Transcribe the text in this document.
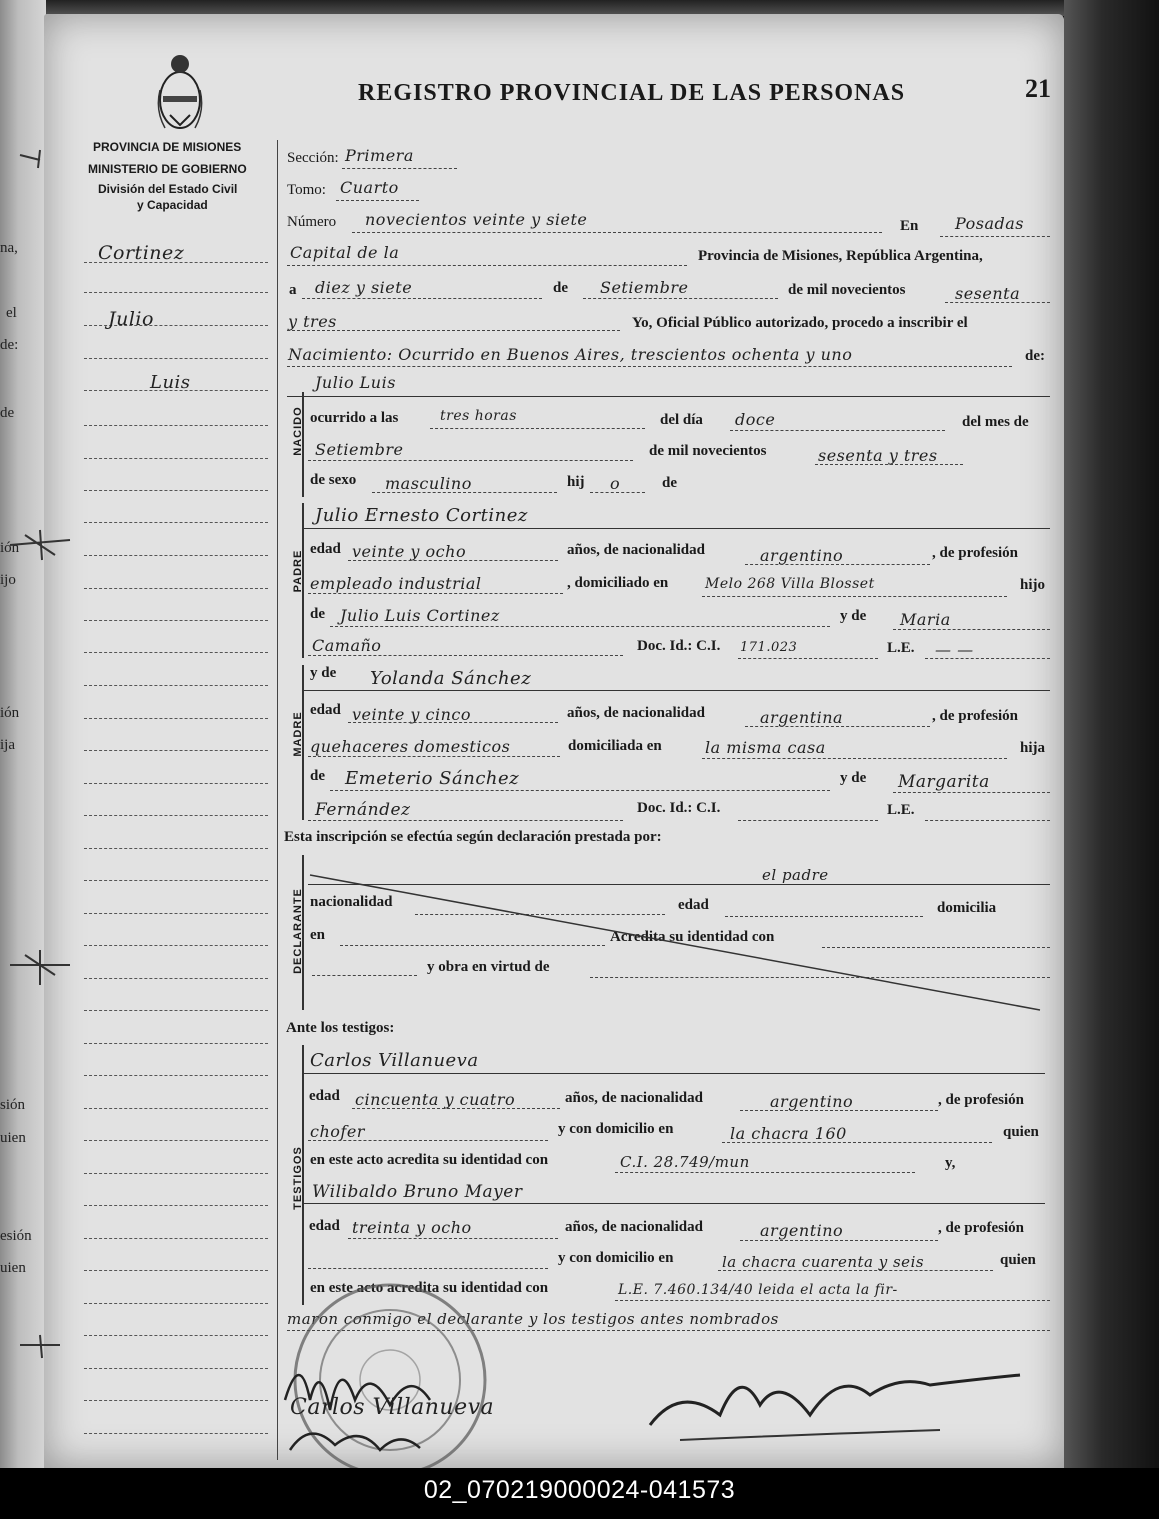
na,
el
de:
de
ión
ijo
ión
ija
sión
uien
esión
uien
REGISTRO PROVINCIAL DE LAS PERSONAS	21
PROVINCIA DE MISIONES
MINISTERIO DE GOBIERNO
División del Estado Civil
y Capacidad
Cortinez
Julio
Luis
Sección: Primera
Tomo: Cuarto
Número novecientos veinte y siete	En Posadas
Capital de la	Provincia de Misiones, República Argentina,
a diez y siete	de Setiembre	de mil novecientos	sesenta
y tres	Yo, Oficial Público autorizado, procedo a inscribir el
Nacimiento: Ocurrido en Buenos Aires, trescientos ochenta y uno	de:
NACIDO
Julio Luis
ocurrido a las	tres horas	del día doce	del mes de
Setiembre	de mil novecientos	sesenta y tres
de sexo masculino	hij o	de
PADRE
Julio Ernesto Cortinez
edad veinte y ocho	años, de nacionalidad	argentino	, de profesión
empleado industrial	, domiciliado en	Melo 268 Villa Blosset	hijo
de Julio Luis Cortinez	y de Maria
Camaño	Doc. Id.: C.I. 171.023	L.E. — —
MADRE
y de Yolanda Sánchez
edad veinte y cinco	años, de nacionalidad	argentina	, de profesión
quehaceres domesticos	domiciliada en	la misma casa	hija
de Emeterio Sánchez	y de Margarita
Fernández	Doc. Id.: C.I.	L.E.
Esta inscripción se efectúa según declaración prestada por:
DECLARANTE
el padre
nacionalidad	edad	domicilia
en	Acredita su identidad con
y obra en virtud de
Ante los testigos:
TESTIGOS
Carlos Villanueva
edad cincuenta y cuatro	años, de nacionalidad	argentino	, de profesión
chofer	y con domicilio en	la chacra 160	quien
en este acto acredita su identidad con	C.I. 28.749/mun	y,
Wilibaldo Bruno Mayer
edad treinta y ocho	años, de nacionalidad	argentino	, de profesión
y con domicilio en	la chacra cuarenta y seis	quien
en este acto acredita su identidad con	L.E. 7.460.134/40 leida el acta la fir-
maron conmigo el declarante y los testigos antes nombrados
Carlos Villanueva
02_070219000024-041573
